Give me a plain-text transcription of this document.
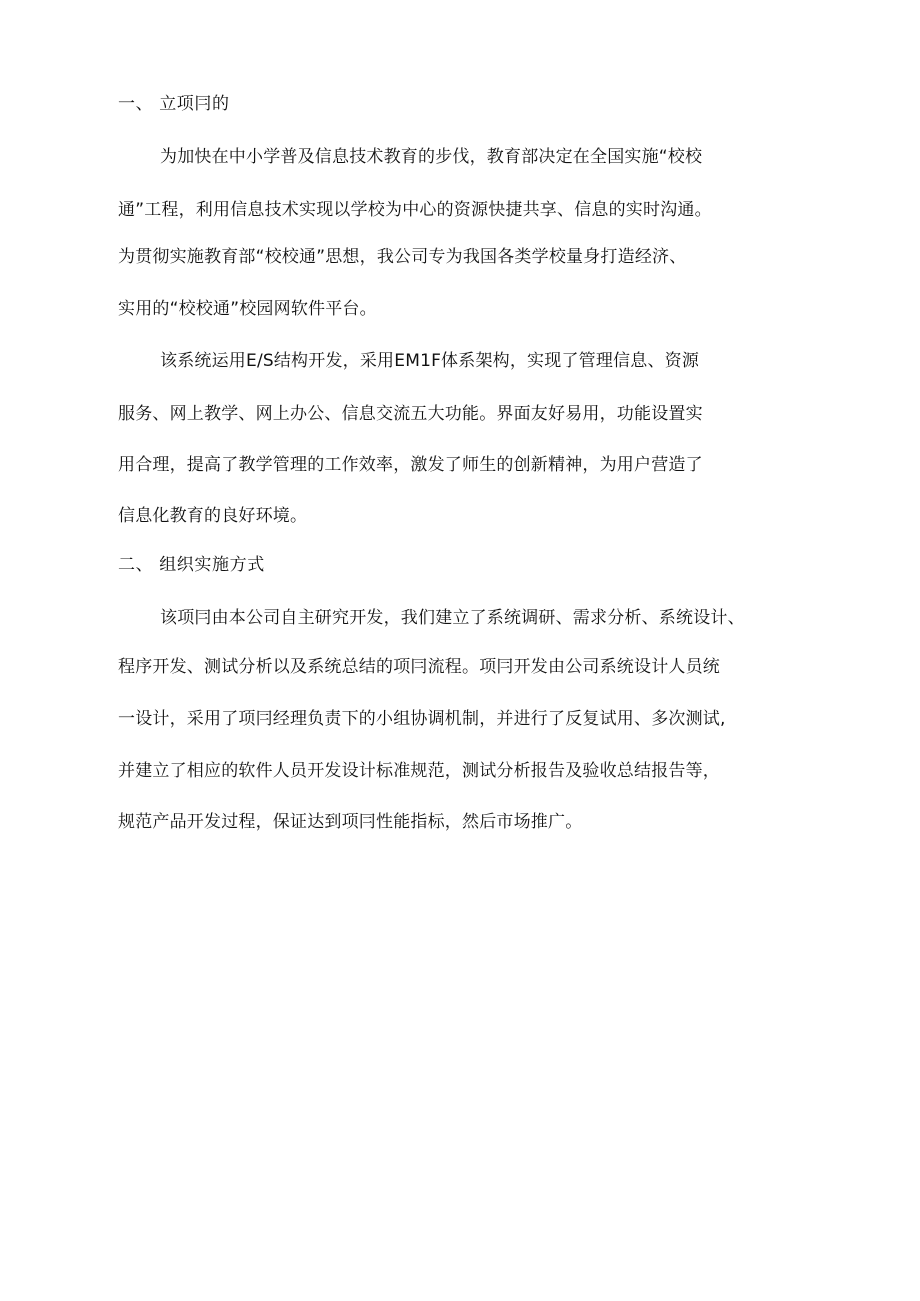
一、 立项冃的
为加快在中小学普及信息技术教育的步伐，教育部决定在全国实施“校校
通”工程，利用信息技术实现以学校为中心的资源快捷共享、信息的实时沟通。
为贯彻实施教育部“校校通”思想，我公司专为我国各类学校量身打造经济、
实用的“校校通”校园网软件平台。
该系统运用E/S结构开发，采用EM1F体系架构，实现了管理信息、资源
服务、网上教学、网上办公、信息交流五大功能。界面友好易用，功能设置实
用合理，提高了教学管理的工作效率，激发了师生的创新精神，为用户营造了
信息化教育的良好环境。
二、 组织实施方式
该项冃由本公司自主研究开发，我们建立了系统调研、需求分析、系统设计、
程序开发、测试分析以及系统总结的项冃流程。项冃开发由公司系统设计人员统
一设计，采用了项冃经理负责下的小组协调机制，并进行了反复试用、多次测试,
并建立了相应的软件人员开发设计标准规范，测试分析报告及验收总结报告等，
规范产品开发过程，保证达到项冃性能指标，然后市场推广。
